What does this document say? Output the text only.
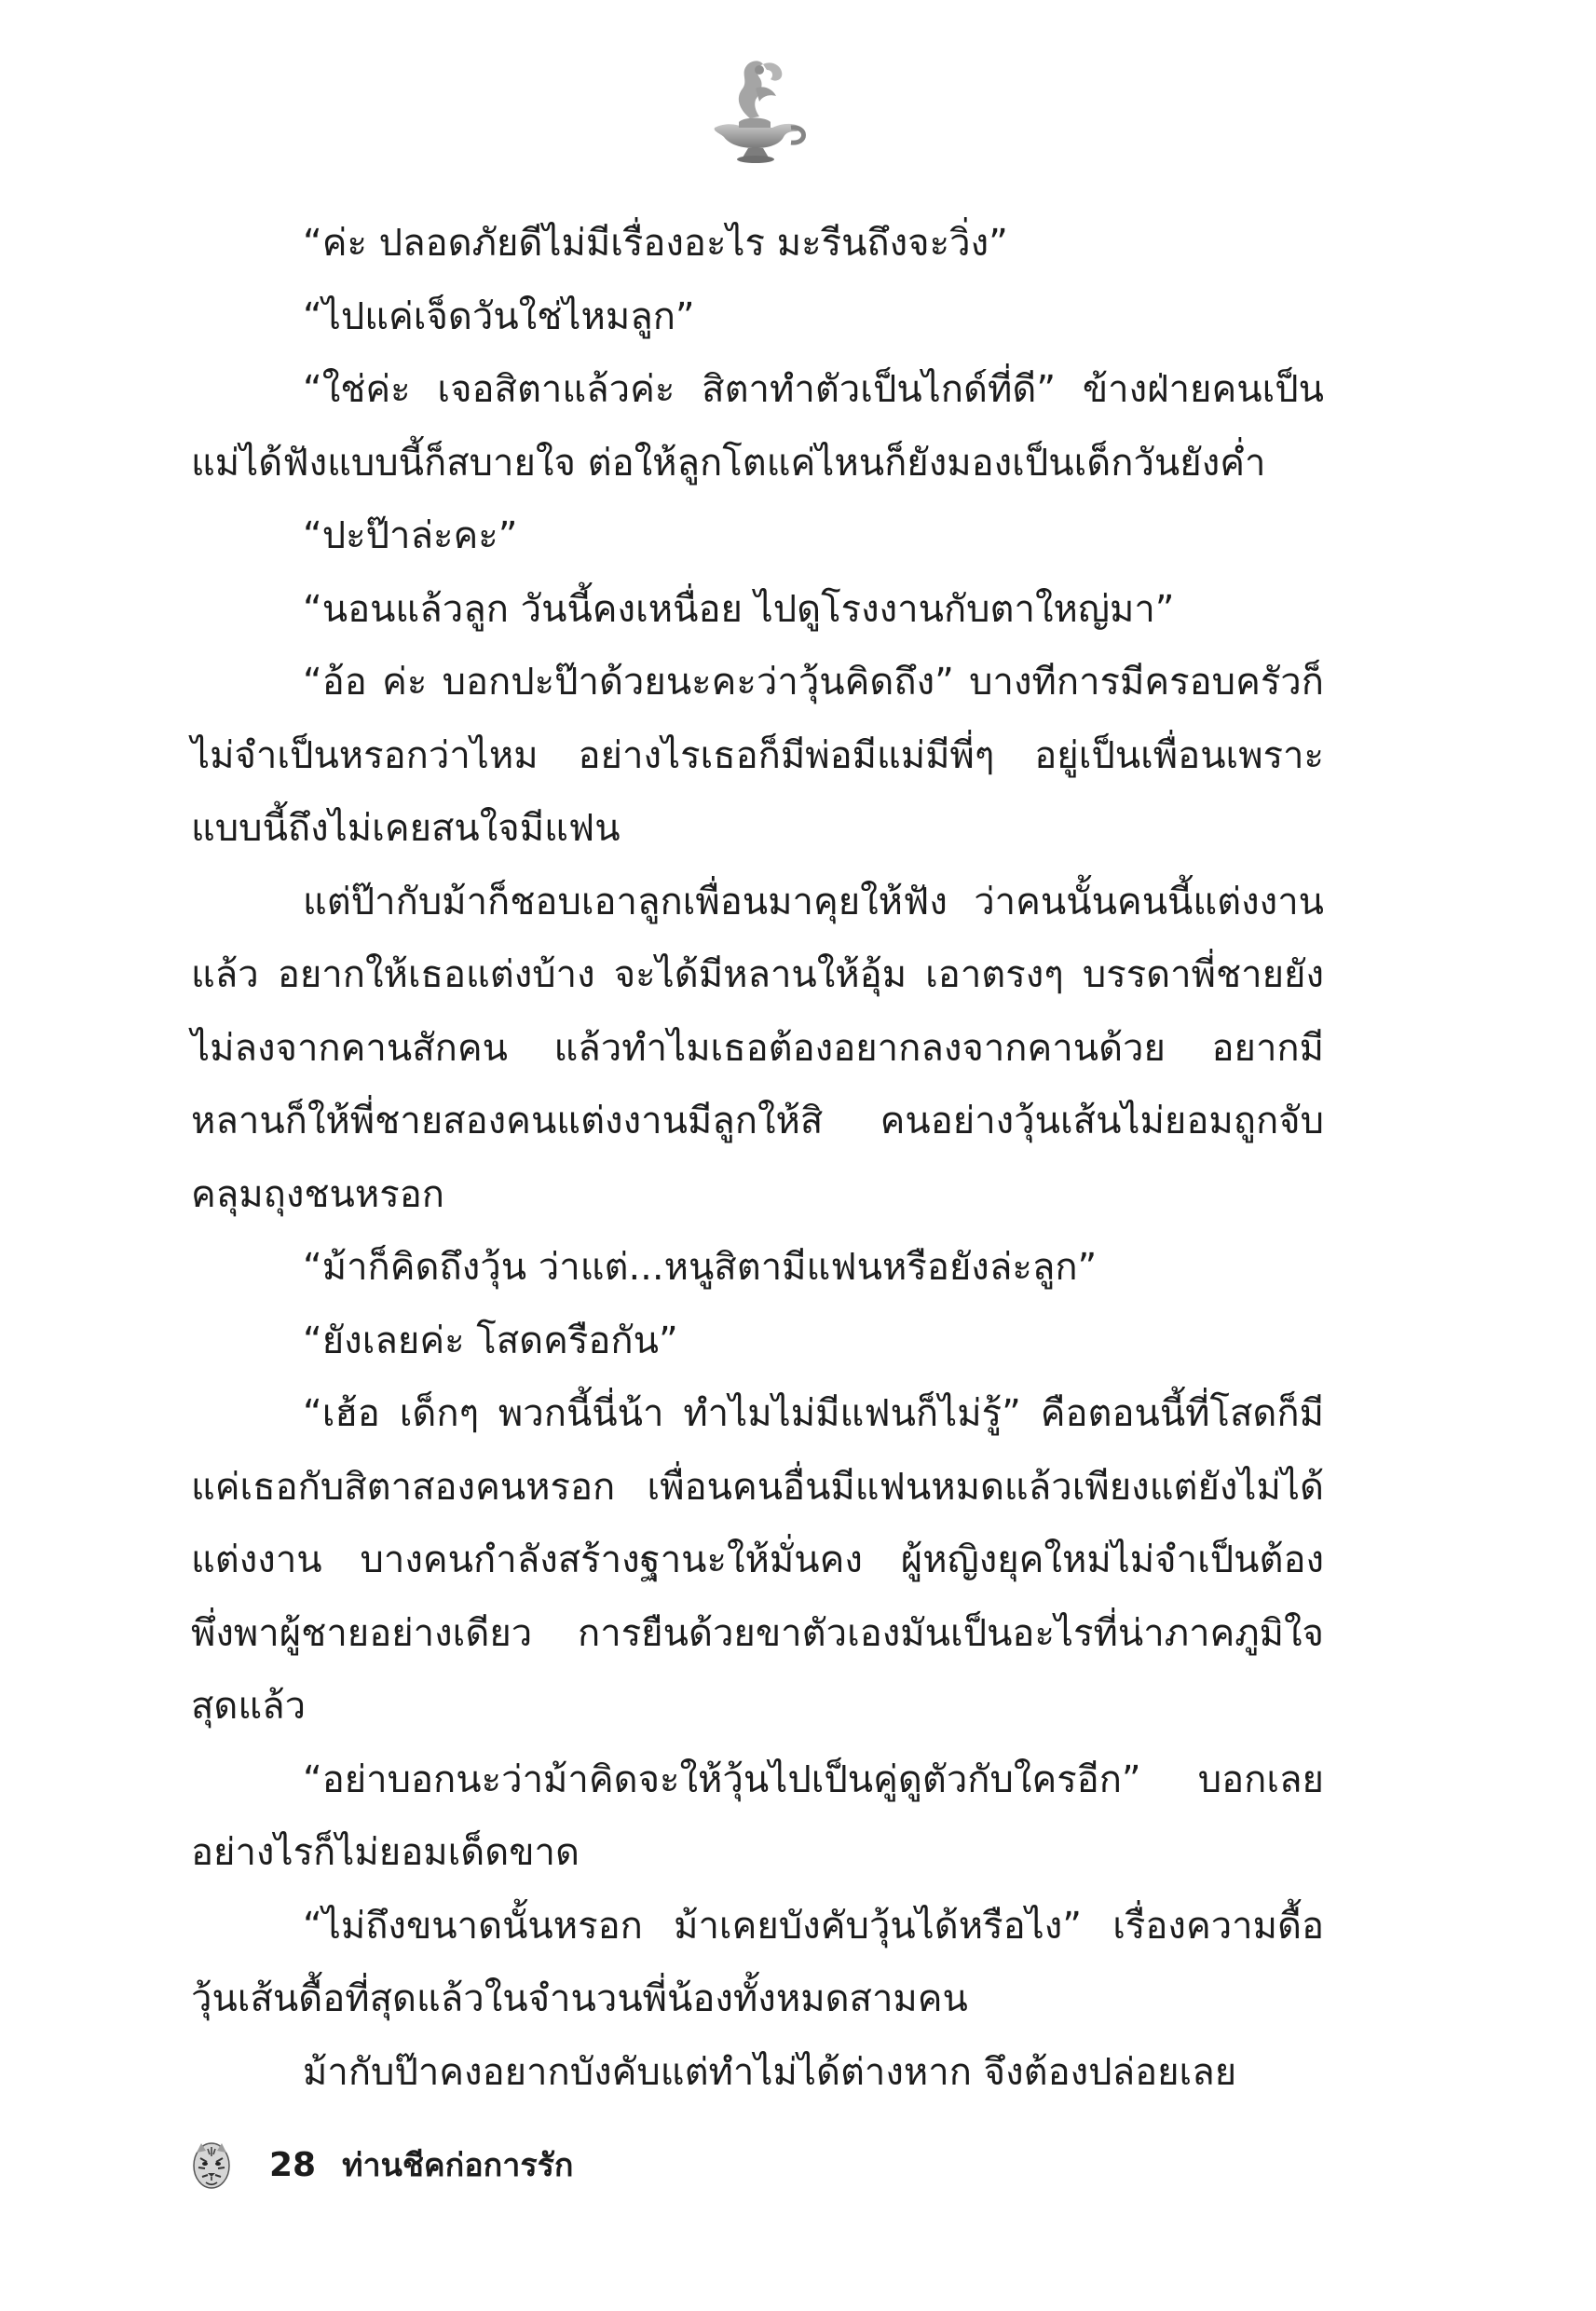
“ค่ะ ปลอดภัยดีไม่มีเรื่องอะไร มะรีนถึงจะวิ่ง”

“ไปแค่เจ็ดวันใช่ไหมลูก”

“ใช่ค่ะ เจอสิตาแล้วค่ะ สิตาทำตัวเป็นไกด์ที่ดี” ข้างฝ่ายคนเป็นแม่ได้ฟังแบบนี้ก็สบายใจ ต่อให้ลูกโตแค่ไหนก็ยังมองเป็นเด็กวันยังค่ำ

“ปะป๊าล่ะคะ”

“นอนแล้วลูก วันนี้คงเหนื่อย ไปดูโรงงานกับตาใหญ่มา”

“อ้อ ค่ะ บอกปะป๊าด้วยนะคะว่าวุ้นคิดถึง” บางทีการมีครอบครัวก็ไม่จำเป็นหรอกว่าไหม อย่างไรเธอก็มีพ่อมีแม่มีพี่ๆ อยู่เป็นเพื่อนเพราะแบบนี้ถึงไม่เคยสนใจมีแฟน

แต่ป๊ากับม้าก็ชอบเอาลูกเพื่อนมาคุยให้ฟัง ว่าคนนั้นคนนี้แต่งงานแล้ว อยากให้เธอแต่งบ้าง จะได้มีหลานให้อุ้ม เอาตรงๆ บรรดาพี่ชายยังไม่ลงจากคานสักคน แล้วทำไมเธอต้องอยากลงจากคานด้วย อยากมีหลานก็ให้พี่ชายสองคนแต่งงานมีลูกให้สิ คนอย่างวุ้นเส้นไม่ยอมถูกจับคลุมถุงชนหรอก

“ม้าก็คิดถึงวุ้น ว่าแต่...หนูสิตามีแฟนหรือยังล่ะลูก”

“ยังเลยค่ะ โสดครือกัน”

“เฮ้อ เด็กๆ พวกนี้นี่น้า ทำไมไม่มีแฟนก็ไม่รู้” คือตอนนี้ที่โสดก็มีแค่เธอกับสิตาสองคนหรอก เพื่อนคนอื่นมีแฟนหมดแล้วเพียงแต่ยังไม่ได้แต่งงาน บางคนกำลังสร้างฐานะให้มั่นคง ผู้หญิงยุคใหม่ไม่จำเป็นต้องพึ่งพาผู้ชายอย่างเดียว การยืนด้วยขาตัวเองมันเป็นอะไรที่น่าภาคภูมิใจสุดแล้ว

“อย่าบอกนะว่าม้าคิดจะให้วุ้นไปเป็นคู่ดูตัวกับใครอีก” บอกเลยอย่างไรก็ไม่ยอมเด็ดขาด

“ไม่ถึงขนาดนั้นหรอก ม้าเคยบังคับวุ้นได้หรือไง” เรื่องความดื้อวุ้นเส้นดื้อที่สุดแล้วในจำนวนพี่น้องทั้งหมดสามคน

ม้ากับป๊าคงอยากบังคับแต่ทำไม่ได้ต่างหาก จึงต้องปล่อยเลย

28 ท่านชีคก่อการรัก
